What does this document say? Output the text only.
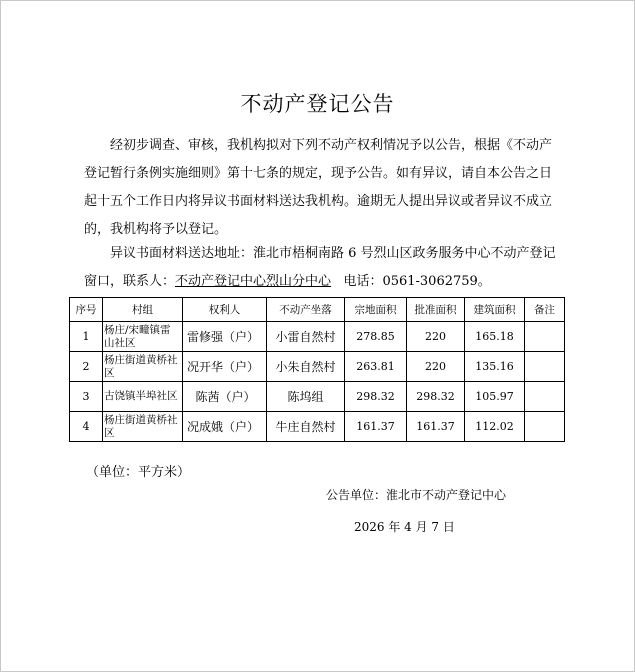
不动产登记公告
经初步调查、审核，我机构拟对下列不动产权利情况予以公告，根据《不动产登记暂行条例实施细则》第十七条的规定，现予公告。如有异议，请自本公告之日起十五个工作日内将异议书面材料送达我机构。逾期无人提出异议或者异议不成立的，我机构将予以登记。
异议书面材料送达地址：淮北市梧桐南路 6 号烈山区政务服务中心不动产登记窗口，联系人：不动产登记中心烈山分中心 电话：0561-3062759。
序号	村组	权利人	不动产坐落	宗地面积	批准面积	建筑面积	备注
1	杨庄/宋疃镇雷山社区	雷修强（户）	小雷自然村	278.85	220	165.18	
2	杨庄街道黄桥社区	况开华（户）	小朱自然村	263.81	220	135.16	
3	古饶镇半埠社区	陈茜（户）	陈坞组	298.32	298.32	105.97	
4	杨庄街道黄桥社区	况成娥（户）	牛庄自然村	161.37	161.37	112.02	
（单位：平方米）
公告单位：淮北市不动产登记中心
2026 年 4 月 7 日
